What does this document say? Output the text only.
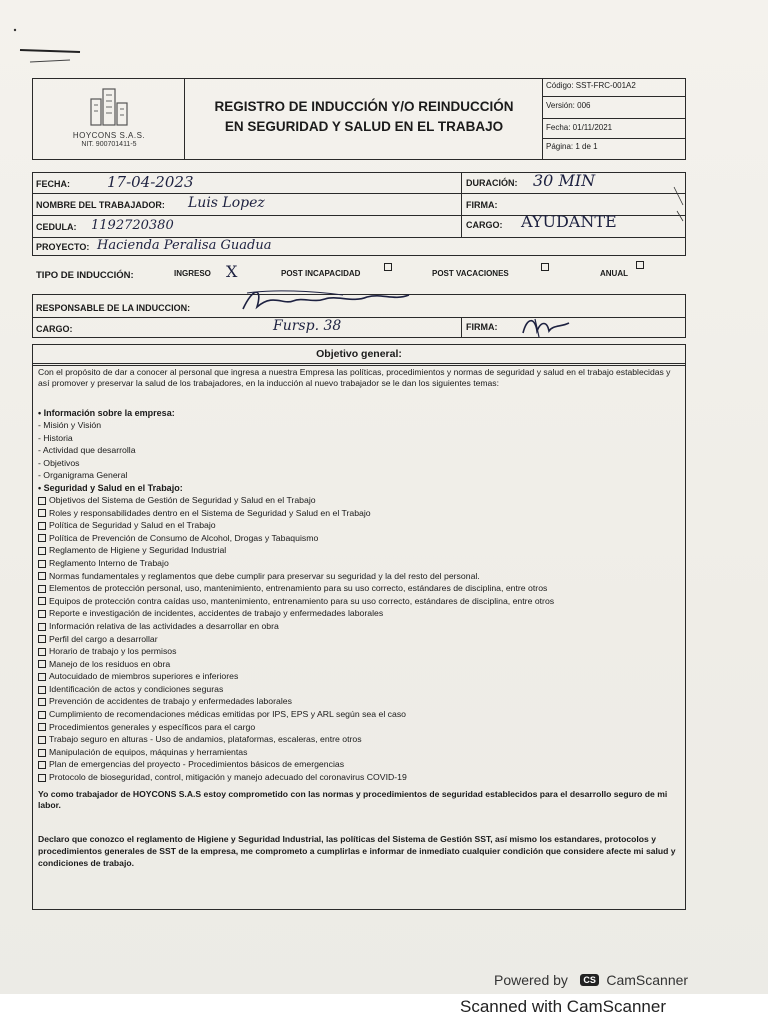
HOYCONS S.A.S.
NIT. 900701411-5
REGISTRO DE INDUCCIÓN Y/O REINDUCCIÓN
EN SEGURIDAD Y SALUD EN EL TRABAJO
Código: SST-FRC-001A2
Versión: 006
Fecha: 01/11/2021
Página: 1 de 1
FECHA: 17-04-2023	DURACIÓN: 30 MIN
NOMBRE DEL TRABAJADOR: Luis Lopez	FIRMA:
CEDULA: 1192720380	CARGO: AYUDANTE
PROYECTO: Hacienda Peralisa Guadua
TIPO DE INDUCCIÓN:	INGRESO X	POST INCAPACIDAD	POST VACACIONES	ANUAL
RESPONSABLE DE LA INDUCCION:
CARGO:	Fursp. 38	FIRMA:
Objetivo general:
Con el propósito de dar a conocer al personal que ingresa a nuestra Empresa las políticas, procedimientos y normas de seguridad y salud en el trabajo establecidas y así promover y preservar la salud de los trabajadores, en la inducción al nuevo trabajador se le dan los siguientes temas:
• Información sobre la empresa:
- Misión y Visión
- Historia
- Actividad que desarrolla
- Objetivos
- Organigrama General
• Seguridad y Salud en el Trabajo:
Objetivos del Sistema de Gestión de Seguridad y Salud en el Trabajo
Roles y responsabilidades dentro en el Sistema de Seguridad y Salud en el Trabajo
Política de Seguridad y Salud en el Trabajo
Política de Prevención de Consumo de Alcohol, Drogas y Tabaquismo
Reglamento de Higiene y Seguridad Industrial
Reglamento Interno de Trabajo
Normas fundamentales y reglamentos que debe cumplir para preservar su seguridad y la del resto del personal.
Elementos de protección personal, uso, mantenimiento, entrenamiento para su uso correcto, estándares de disciplina, entre otros
Equipos de protección contra caídas uso, mantenimiento, entrenamiento para su uso correcto, estándares de disciplina, entre otros
Reporte e investigación de incidentes, accidentes de trabajo y enfermedades laborales
Información relativa de las actividades a desarrollar en obra
Perfil del cargo a desarrollar
Horario de trabajo y los permisos
Manejo de los residuos en obra
Autocuidado de miembros superiores e inferiores
Identificación de actos y condiciones seguras
Prevención de accidentes de trabajo y enfermedades laborales
Cumplimiento de recomendaciones médicas emitidas por IPS, EPS y ARL según sea el caso
Procedimientos generales y específicos para el cargo
Trabajo seguro en alturas - Uso de andamios, plataformas, escaleras, entre otros
Manipulación de equipos, máquinas y herramientas
Plan de emergencias del proyecto - Procedimientos básicos de emergencias
Protocolo de bioseguridad, control, mitigación y manejo adecuado del coronavirus COVID-19
Yo como trabajador de HOYCONS S.A.S estoy comprometido con las normas y procedimientos de seguridad establecidos para el desarrollo seguro de mi labor.
Declaro que conozco el reglamento de Higiene y Seguridad Industrial, las políticas del Sistema de Gestión SST, así mismo los estandares, protocolos y procedimientos generales de SST de la empresa, me comprometo a cumplirlas e informar de inmediato cualquier condición que considere afecte mi salud y condiciones de trabajo.
Powered by CS CamScanner
Scanned with CamScanner
